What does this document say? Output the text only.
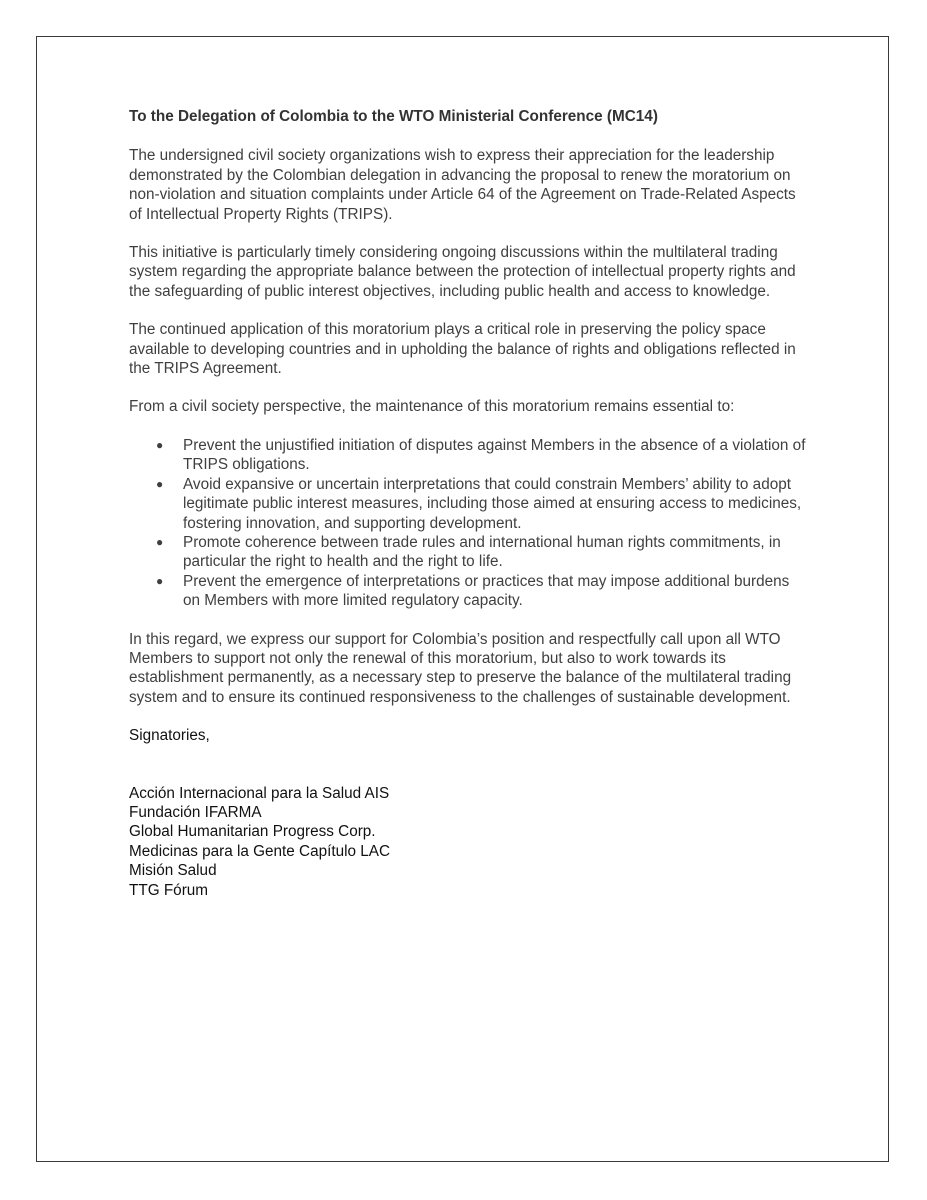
To the Delegation of Colombia to the WTO Ministerial Conference (MC14)

The undersigned civil society organizations wish to express their appreciation for the leadership demonstrated by the Colombian delegation in advancing the proposal to renew the moratorium on non-violation and situation complaints under Article 64 of the Agreement on Trade-Related Aspects of Intellectual Property Rights (TRIPS).

This initiative is particularly timely considering ongoing discussions within the multilateral trading system regarding the appropriate balance between the protection of intellectual property rights and the safeguarding of public interest objectives, including public health and access to knowledge.

The continued application of this moratorium plays a critical role in preserving the policy space available to developing countries and in upholding the balance of rights and obligations reflected in the TRIPS Agreement.

From a civil society perspective, the maintenance of this moratorium remains essential to:

● Prevent the unjustified initiation of disputes against Members in the absence of a violation of TRIPS obligations.
● Avoid expansive or uncertain interpretations that could constrain Members’ ability to adopt legitimate public interest measures, including those aimed at ensuring access to medicines, fostering innovation, and supporting development.
● Promote coherence between trade rules and international human rights commitments, in particular the right to health and the right to life.
● Prevent the emergence of interpretations or practices that may impose additional burdens on Members with more limited regulatory capacity.

In this regard, we express our support for Colombia’s position and respectfully call upon all WTO Members to support not only the renewal of this moratorium, but also to work towards its establishment permanently, as a necessary step to preserve the balance of the multilateral trading system and to ensure its continued responsiveness to the challenges of sustainable development.

Signatories,

Acción Internacional para la Salud AIS
Fundación IFARMA
Global Humanitarian Progress Corp.
Medicinas para la Gente Capítulo LAC
Misión Salud
TTG Fórum
